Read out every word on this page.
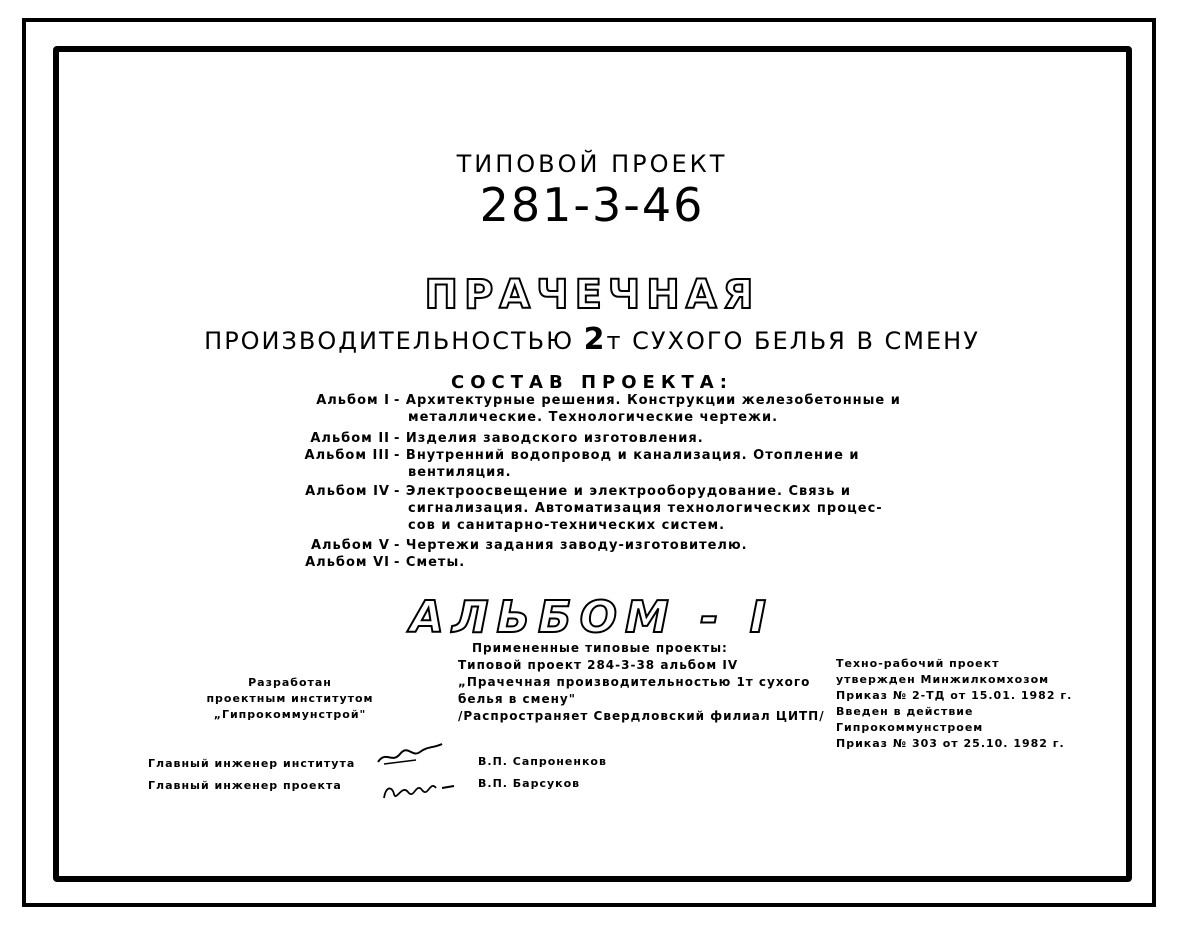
ТИПОВОЙ ПРОЕКТ
281-3-46
ПРАЧЕЧНАЯ
ПРОИЗВОДИТЕЛЬНОСТЬЮ 2т СУХОГО БЕЛЬЯ В СМЕНУ
СОСТАВ ПРОЕКТА:
Альбом I - Архитектурные решения. Конструкции железобетонные и
металлические. Технологические чертежи.
Альбом II - Изделия заводского изготовления.
Альбом III - Внутренний водопровод и канализация. Отопление и
вентиляция.
Альбом IV - Электроосвещение и электрооборудование. Связь и
сигнализация. Автоматизация технологических процес-
сов и санитарно-технических систем.
Альбом V - Чертежи задания заводу-изготовителю.
Альбом VI - Сметы.
АЛЬБОМ - I
Разработан
проектным институтом
„Гипрокоммунстрой"
Примененные типовые проекты:
Типовой проект 284-3-38 альбом IV
„Прачечная производительностью 1т сухого
белья в смену"
/Распространяет Свердловский филиал ЦИТП/
Техно-рабочий проект
утвержден Минжилкомхозом
Приказ № 2-ТД от 15.01. 1982 г.
Введен в действие
Гипрокоммунстроем
Приказ № 303 от 25.10. 1982 г.
Главный инженер института
Главный инженер проекта
В.П. Сапроненков
В.П. Барсуков
